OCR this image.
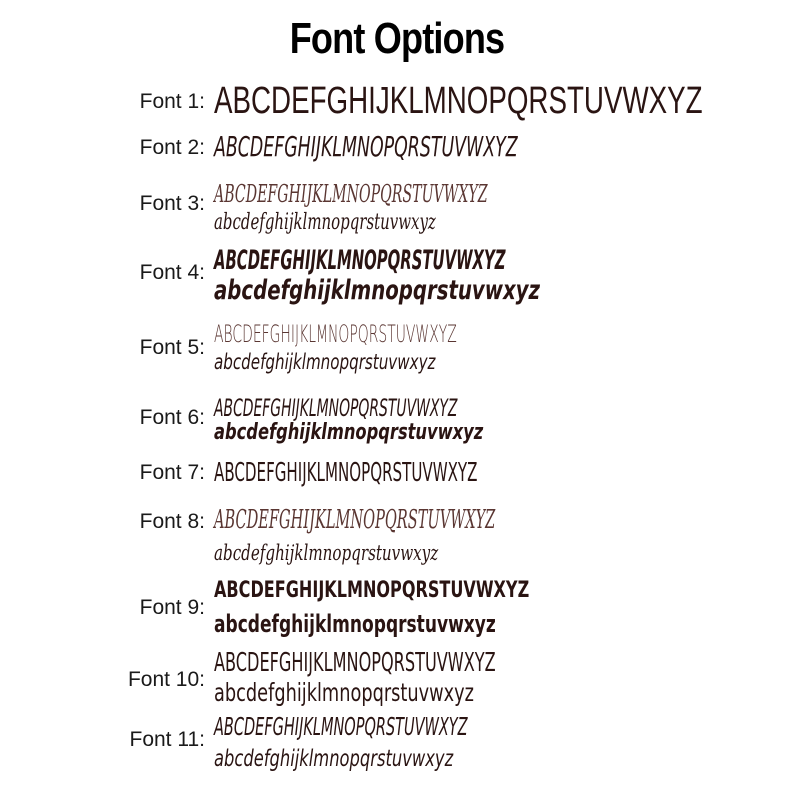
Font Options
Font 1: ABCDEFGHIJKLMNOPQRSTUVWXYZ
Font 2: ABCDEFGHIJKLMNOPQRSTUVWXYZ
Font 3: ABCDEFGHIJKLMNOPQRSTUVWXYZ
abcdefghijklmnopqrstuvwxyz
Font 4: ABCDEFGHIJKLMNOPQRSTUVWXYZ
abcdefghijklmnopqrstuvwxyz
Font 5: ABCDEFGHIJKLMNOPQRSTUVWXYZ
abcdefghijklmnopqrstuvwxyz
Font 6: ABCDEFGHIJKLMNOPQRSTUVWXYZ
abcdefghijklmnopqrstuvwxyz
Font 7: ABCDEFGHIJKLMNOPQRSTUVWXYZ
Font 8: ABCDEFGHIJKLMNOPQRSTUVWXYZ
abcdefghijklmnopqrstuvwxyz
Font 9:
ABCDEFGHIJKLMNOPQRSTUVWXYZ
abcdefghijklmnopqrstuvwxyz
Font 10:
ABCDEFGHIJKLMNOPQRSTUVWXYZ
abcdefghijklmnopqrstuvwxyz
Font 11: ABCDEFGHIJKLMNOPQRSTUVWXYZ
abcdefghijklmnopqrstuvwxyz
